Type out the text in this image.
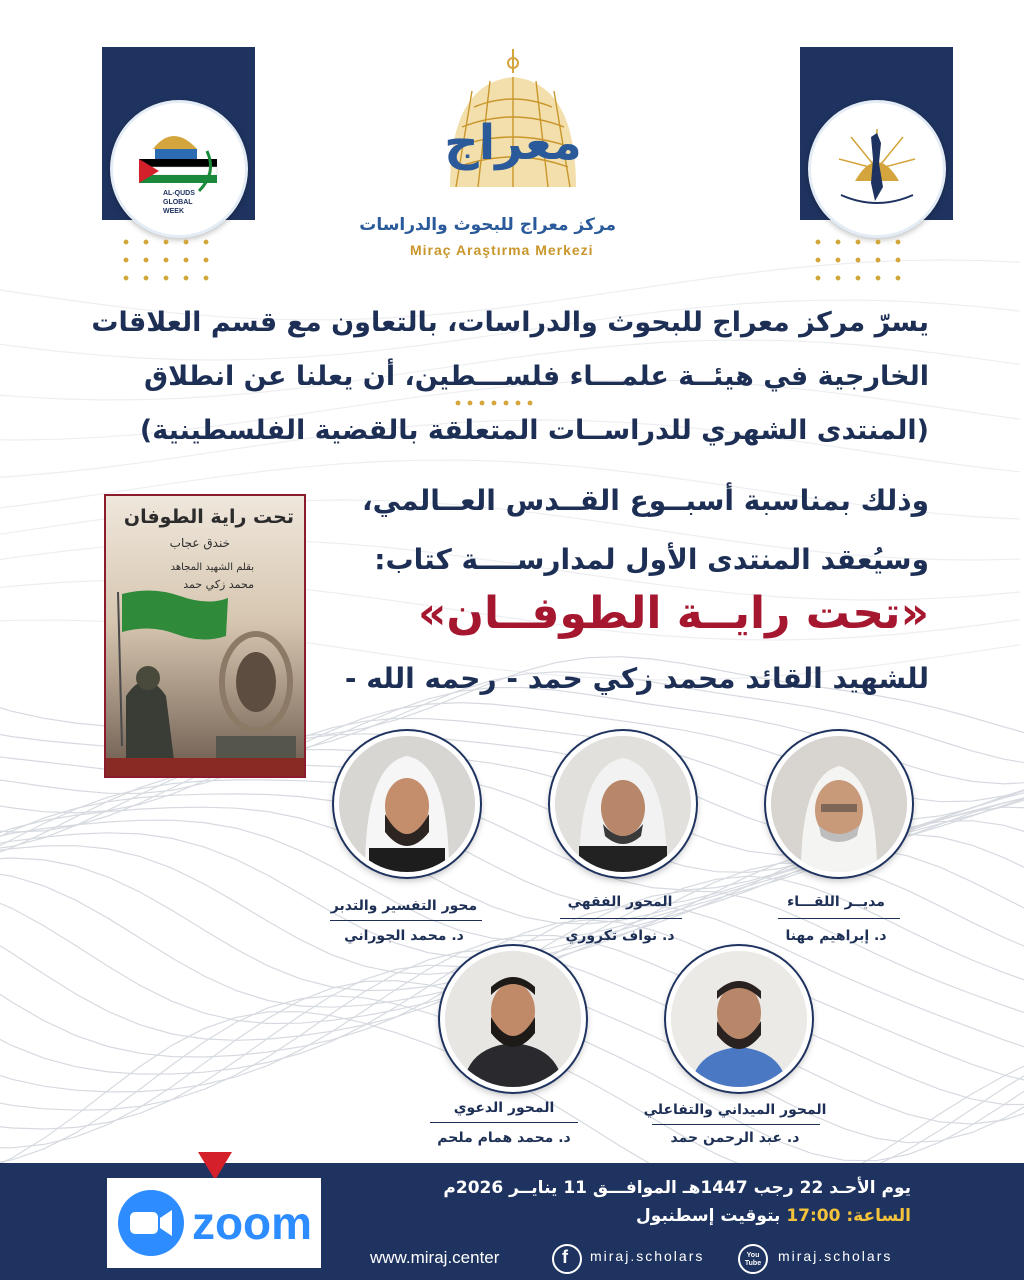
AL-QUDS
GLOBAL
WEEK
معراج
مركز معراج للبحوث والدراسات
Miraç Araştırma Merkezi
يسرّ مركز معراج للبحوث والدراسات، بالتعاون مع قسم العلاقات
الخارجية في هيئــة علمـــاء فلســـطين، أن يعلنا عن انطلاق
(المنتدى الشهري للدراســات المتعلقة بالقضية الفلسطينية)
تحت راية الطوفان
خندق عجاب
بقلم الشهيد المجاهد
محمد زكي حمد
وذلك بمناسبة أسبــوع القــدس العــالمي،
وسيُعقد المنتدى الأول لمدارســــة كتاب:
«تحت رايــة الطوفــان»
للشهيد القائد محمد زكي حمد - رحمه الله -
مديــر اللقـــاء
د. إبراهيم مهنا
المحور الفقهي
د. نواف تكروري
محور التفسير والتدبر
د. محمد الجوراني
المحور الميداني والتفاعلي
د. عبد الرحمن حمد
المحور الدعوي
د. محمد همام ملحم
zoom
يوم الأحـد 22 رجب 1447هـ الموافـــق 11 ينايــر 2026م
الساعة: 17:00 بتوقيت إسطنبول
www.miraj.center	f miraj.scholars	You Tube miraj.scholars
